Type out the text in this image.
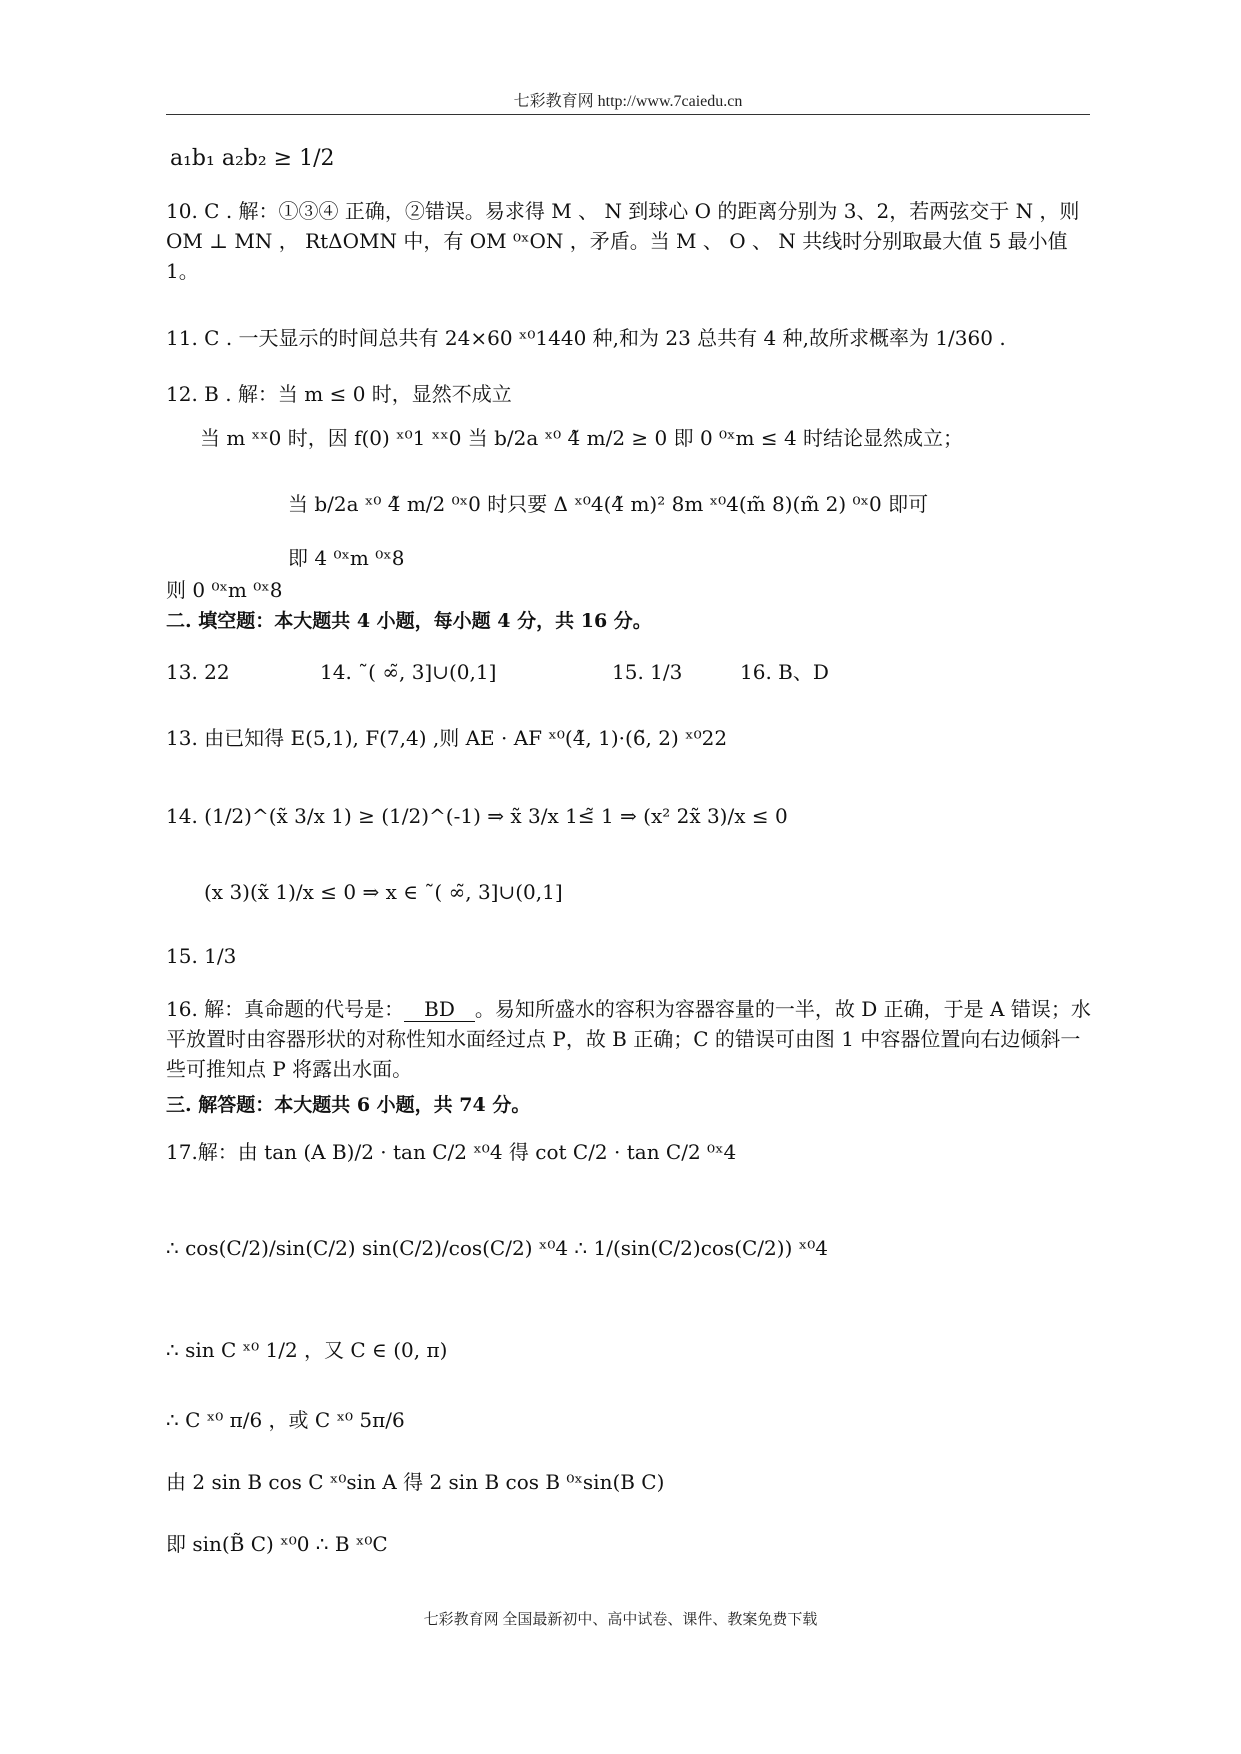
七彩教育网 http://www.7caiedu.cn
a₁b₁ a₂b₂ ≥ 1/2
10. C . 解：①③④ 正确，②错误。易求得 M 、 N 到球心 O 的距离分别为 3、2，若两弦交于 N ，则 OM ⊥ MN ， RtΔOMN 中，有 OM ⁰ˣON ，矛盾。当 M 、 O 、 N 共线时分别取最大值 5 最小值 1。
11. C . 一天显示的时间总共有 24×60 ˣ⁰1440 种,和为 23 总共有 4 种,故所求概率为 1/360 .
12. B . 解：当 m ≤ 0 时，显然不成立
当 m ˣˣ0 时，因 f(0) ˣ⁰1 ˣˣ0 当 b/2a ˣ⁰ 4̃ m/2 ≥ 0 即 0 ⁰ˣm ≤ 4 时结论显然成立；
当 b/2a ˣ⁰ 4̃ m/2 ⁰ˣ0 时只要 Δ ˣ⁰4(4̃ m)² 8m ˣ⁰4(m̃ 8)(m̃ 2) ⁰ˣ0 即可
即 4 ⁰ˣm ⁰ˣ8
则 0 ⁰ˣm ⁰ˣ8
二. 填空题：本大题共 4 小题，每小题 4 分，共 16 分。
13. 22	14. ˜( ∞̃, 3]∪(0,1]	15. 1/3	16. B、D
13. 由已知得 E(5,1), F(7,4) ,则 AE · AF ˣ⁰(4̃, 1)·(6̃, 2) ˣ⁰22
14. (1/2)^(x̃ 3/x 1) ≥ (1/2)^(-1) ⇒ x̃ 3/x 1≤̃ 1 ⇒ (x² 2x̃ 3)/x ≤ 0
(x 3)(x̃ 1)/x ≤ 0 ⇒ x ∈ ˜( ∞̃, 3]∪(0,1]
15. 1/3
16. 解：真命题的代号是： BD 。易知所盛水的容积为容器容量的一半，故 D 正确，于是 A 错误；水平放置时由容器形状的对称性知水面经过点 P，故 B 正确；C 的错误可由图 1 中容器位置向右边倾斜一些可推知点 P 将露出水面。
三. 解答题：本大题共 6 小题，共 74 分。
17.解：由 tan (A B)/2 · tan C/2 ˣ⁰4 得 cot C/2 · tan C/2 ⁰ˣ4
∴ cos(C/2)/sin(C/2) sin(C/2)/cos(C/2) ˣ⁰4 ∴ 1/(sin(C/2)cos(C/2)) ˣ⁰4
∴ sin C ˣ⁰ 1/2 ，又 C ∈ (0, π)
∴ C ˣ⁰ π/6 ，或 C ˣ⁰ 5π/6
由 2 sin B cos C ˣ⁰sin A 得 2 sin B cos B ⁰ˣsin(B C)
即 sin(B̃ C) ˣ⁰0 ∴ B ˣ⁰C
七彩教育网 全国最新初中、高中试卷、课件、教案免费下载
